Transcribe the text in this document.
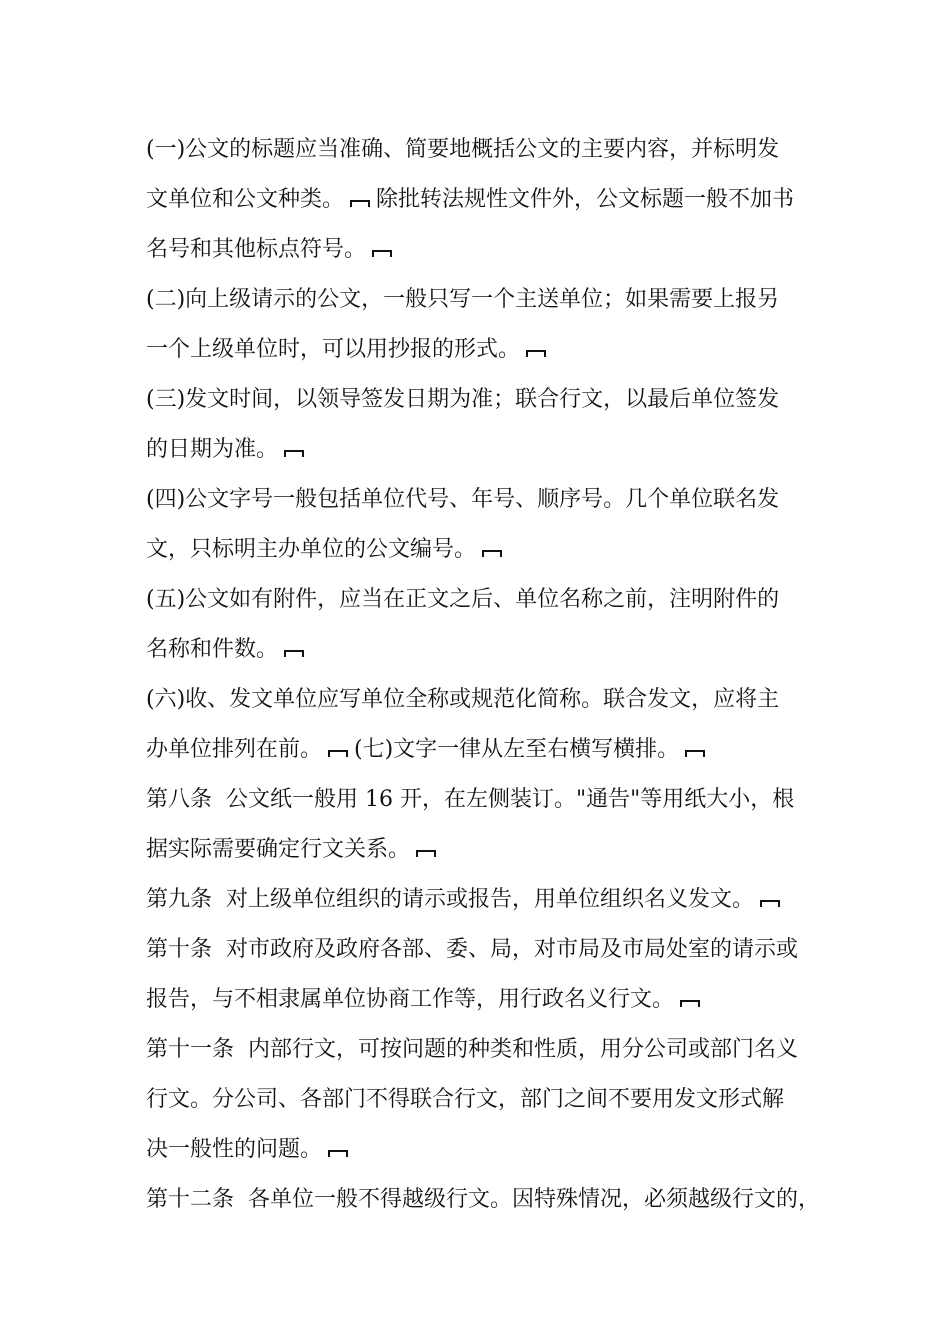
(一)公文的标题应当准确、简要地概括公文的主要内容，并标明发
文单位和公文种类。 除批转法规性文件外，公文标题一般不加书
名号和其他标点符号。
(二)向上级请示的公文，一般只写一个主送单位；如果需要上报另
一个上级单位时，可以用抄报的形式。
(三)发文时间，以领导签发日期为准；联合行文，以最后单位签发
的日期为准。
(四)公文字号一般包括单位代号、年号、顺序号。几个单位联名发
文，只标明主办单位的公文编号。
(五)公文如有附件，应当在正文之后、单位名称之前，注明附件的
名称和件数。
(六)收、发文单位应写单位全称或规范化简称。联合发文，应将主
办单位排列在前。 (七)文字一律从左至右横写横排。
第八条  公文纸一般用 16 开，在左侧装订。"通告"等用纸大小，根
据实际需要确定行文关系。
第九条  对上级单位组织的请示或报告，用单位组织名义发文。
第十条  对市政府及政府各部、委、局，对市局及市局处室的请示或
报告，与不相隶属单位协商工作等，用行政名义行文。
第十一条  内部行文，可按问题的种类和性质，用分公司或部门名义
行文。分公司、各部门不得联合行文，部门之间不要用发文形式解
决一般性的问题。
第十二条  各单位一般不得越级行文。因特殊情况，必须越级行文的，
